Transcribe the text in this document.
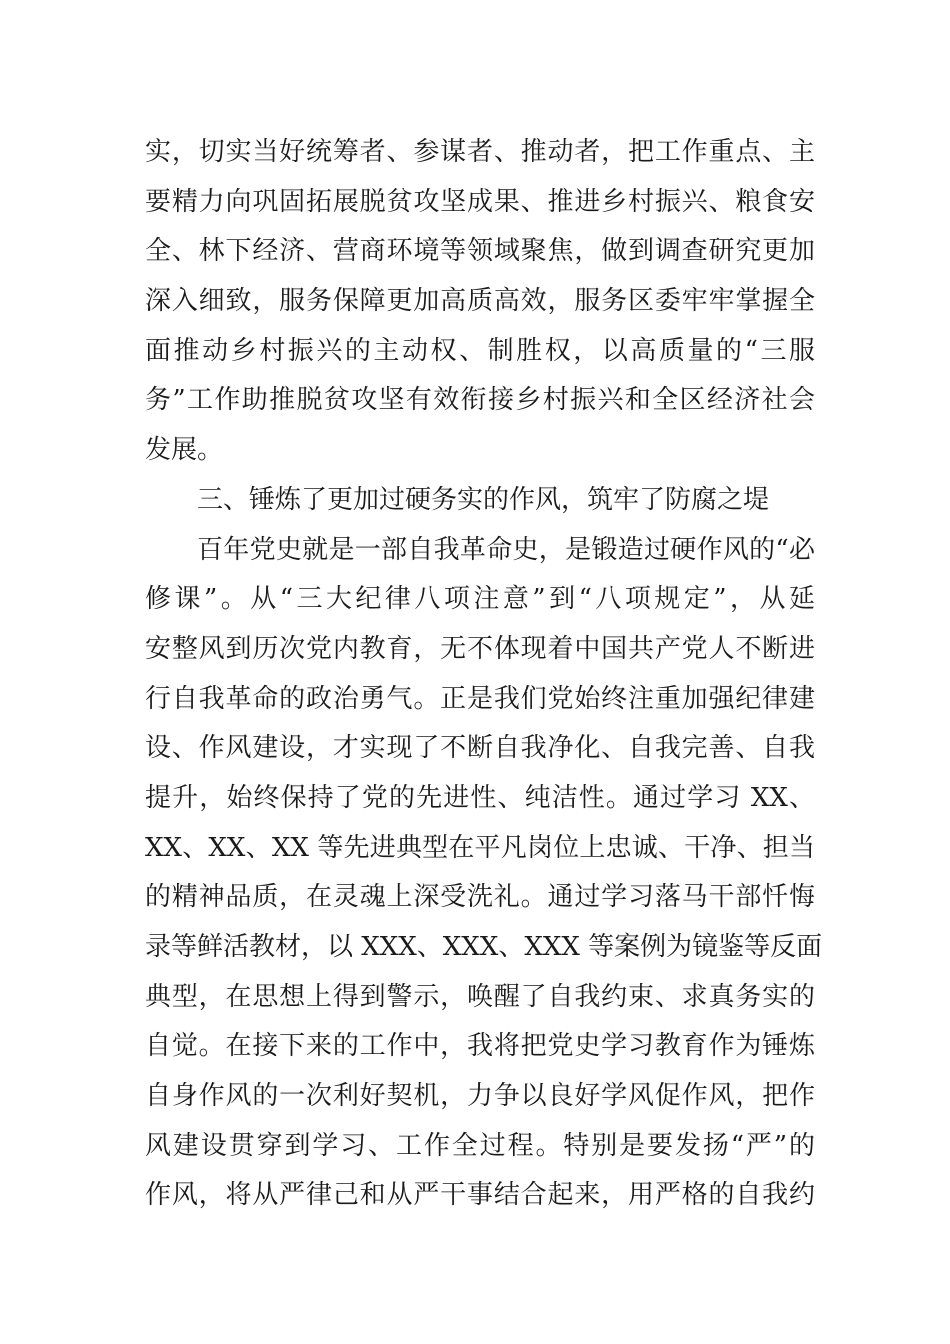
实，切实当好统筹者、参谋者、推动者，把工作重点、主
要精力向巩固拓展脱贫攻坚成果、推进乡村振兴、粮食安
全、林下经济、营商环境等领域聚焦，做到调查研究更加
深入细致，服务保障更加高质高效，服务区委牢牢掌握全
面推动乡村振兴的主动权、制胜权，以高质量的“三服
务”工作助推脱贫攻坚有效衔接乡村振兴和全区经济社会
发展。
三、锤炼了更加过硬务实的作风，筑牢了防腐之堤
百年党史就是一部自我革命史，是锻造过硬作风的“必
修课”。从“三大纪律八项注意”到“八项规定”，从延
安整风到历次党内教育，无不体现着中国共产党人不断进
行自我革命的政治勇气。正是我们党始终注重加强纪律建
设、作风建设，才实现了不断自我净化、自我完善、自我
提升，始终保持了党的先进性、纯洁性。通过学习 XX、
XX、XX、XX 等先进典型在平凡岗位上忠诚、干净、担当
的精神品质，在灵魂上深受洗礼。通过学习落马干部忏悔
录等鲜活教材，以 XXX、XXX、XXX 等案例为镜鉴等反面
典型，在思想上得到警示，唤醒了自我约束、求真务实的
自觉。在接下来的工作中，我将把党史学习教育作为锤炼
自身作风的一次利好契机，力争以良好学风促作风，把作
风建设贯穿到学习、工作全过程。特别是要发扬“严”的
作风，将从严律己和从严干事结合起来，用严格的自我约
